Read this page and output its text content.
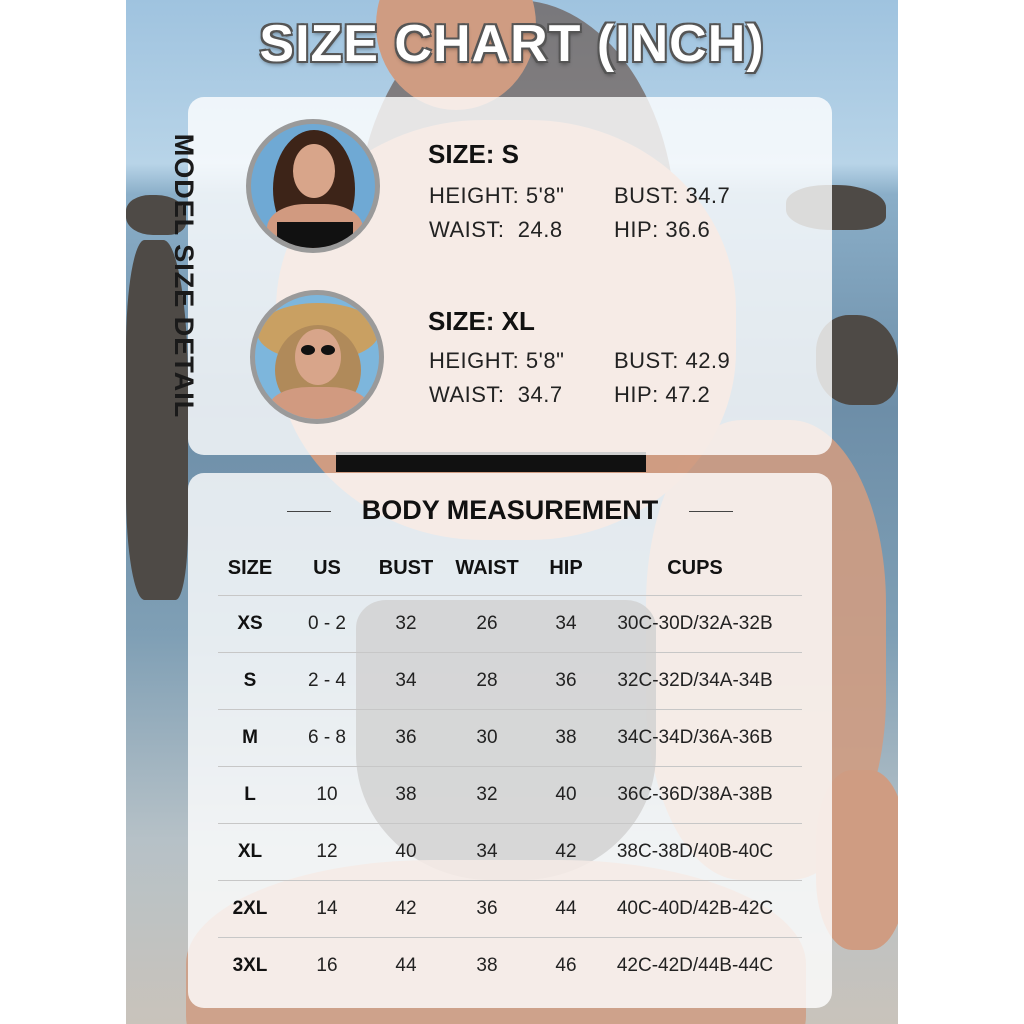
SIZE CHART (INCH)
MODEL SIZE DETAIL	SIZE: S
HEIGHT: 5'8" BUST: 34.7
WAIST:  24.8 HIP: 36.6
SIZE: XL
HEIGHT: 5'8" BUST: 42.9
WAIST:  34.7 HIP: 47.2
BODY MEASUREMENT
SIZE	US	BUST	WAIST	HIP	CUPS
XS	0 - 2	32	26	34	30C-30D/32A-32B
S	2 - 4	34	28	36	32C-32D/34A-34B
M	6 - 8	36	30	38	34C-34D/36A-36B
L	10	38	32	40	36C-36D/38A-38B
XL	12	40	34	42	38C-38D/40B-40C
2XL	14	42	36	44	40C-40D/42B-42C
3XL	16	44	38	46	42C-42D/44B-44C
